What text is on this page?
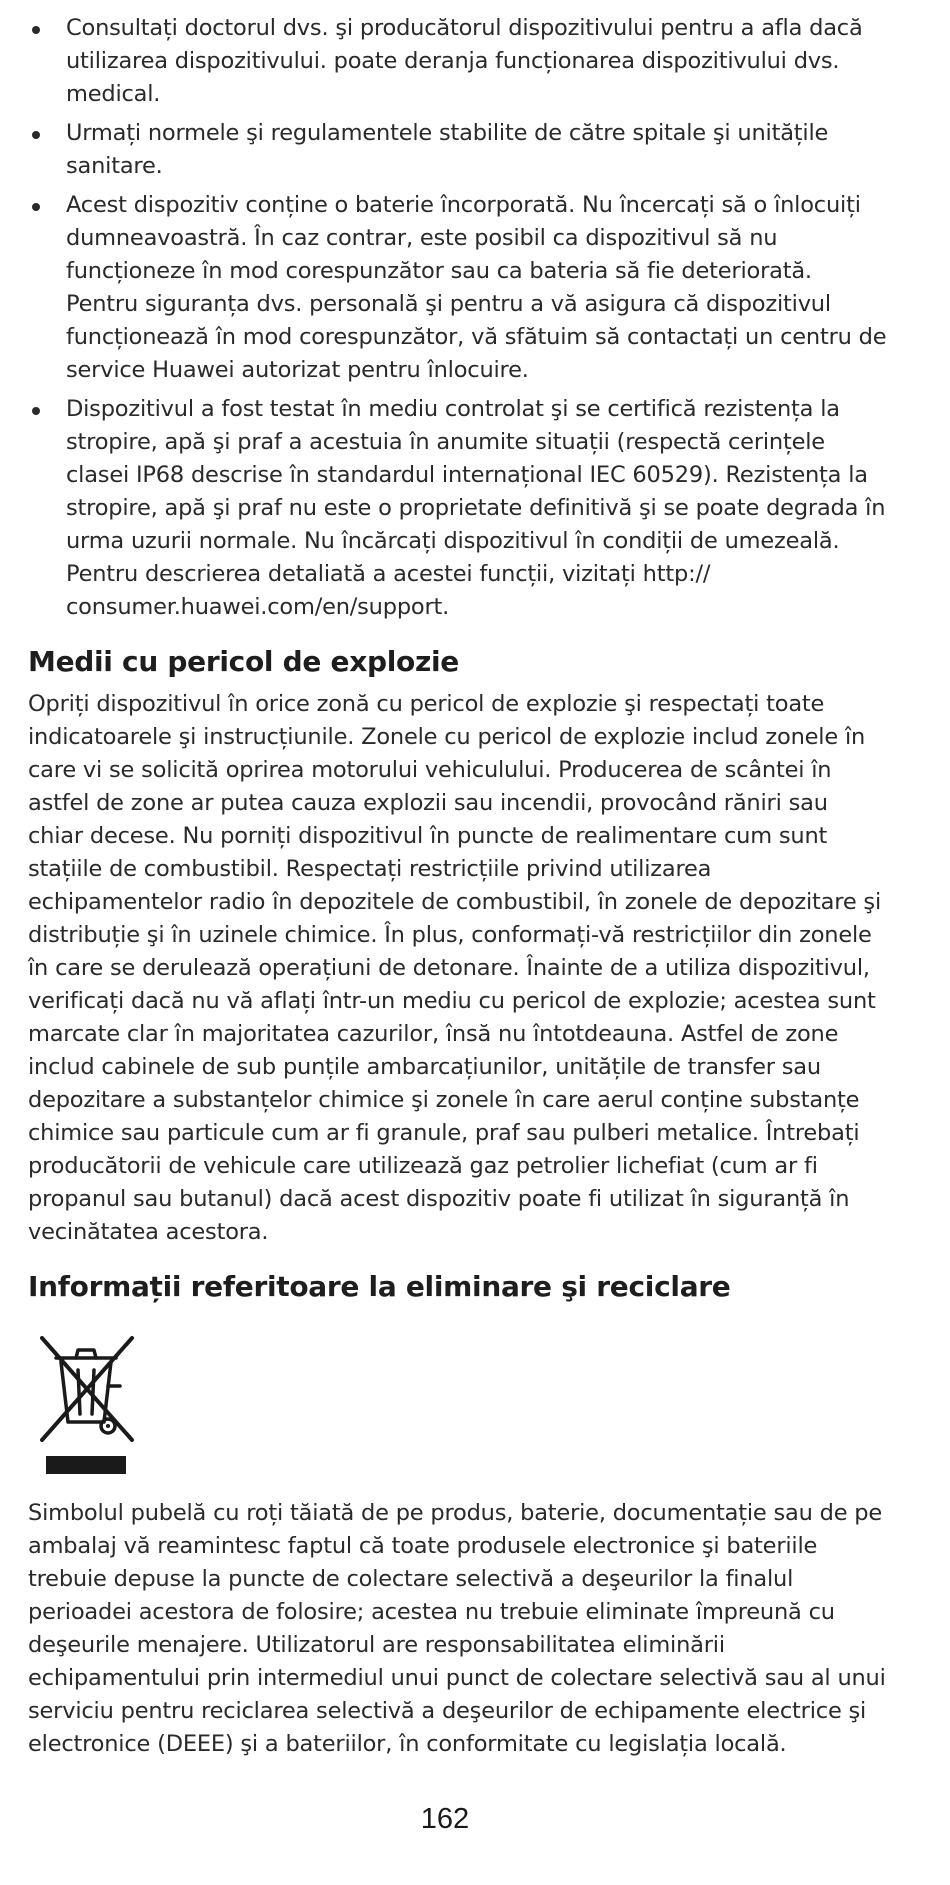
Consultați doctorul dvs. şi producătorul dispozitivului pentru a afla dacă utilizarea dispozitivului. poate deranja funcționarea dispozitivului dvs. medical.
Urmați normele şi regulamentele stabilite de către spitale şi unitățile sanitare.
Acest dispozitiv conține o baterie încorporată. Nu încercați să o înlocuiți dumneavoastră. În caz contrar, este posibil ca dispozitivul să nu funcționeze în mod corespunzător sau ca bateria să fie deteriorată. Pentru siguranța dvs. personală şi pentru a vă asigura că dispozitivul funcționează în mod corespunzător, vă sfătuim să contactați un centru de service Huawei autorizat pentru înlocuire.
Dispozitivul a fost testat în mediu controlat şi se certifică rezistența la stropire, apă şi praf a acestuia în anumite situații (respectă cerințele clasei IP68 descrise în standardul internațional IEC 60529). Rezistența la stropire, apă şi praf nu este o proprietate definitivă şi se poate degrada în urma uzurii normale. Nu încărcați dispozitivul în condiții de umezeală. Pentru descrierea detaliată a acestei funcții, vizitați http:// consumer.huawei.com/en/support.
Medii cu pericol de explozie

Opriți dispozitivul în orice zonă cu pericol de explozie şi respectați toate indicatoarele şi instrucțiunile. Zonele cu pericol de explozie includ zonele în care vi se solicită oprirea motorului vehiculului. Producerea de scântei în astfel de zone ar putea cauza explozii sau incendii, provocând răniri sau chiar decese. Nu porniți dispozitivul în puncte de realimentare cum sunt stațiile de combustibil. Respectați restricțiile privind utilizarea echipamentelor radio în depozitele de combustibil, în zonele de depozitare şi distribuție şi în uzinele chimice. În plus, conformați-vă restricțiilor din zonele în care se derulează operațiuni de detonare. Înainte de a utiliza dispozitivul, verificați dacă nu vă aflați într-un mediu cu pericol de explozie; acestea sunt marcate clar în majoritatea cazurilor, însă nu întotdeauna. Astfel de zone includ cabinele de sub punțile ambarcațiunilor, unitățile de transfer sau depozitare a substanțelor chimice şi zonele în care aerul conține substanțe chimice sau particule cum ar fi granule, praf sau pulberi metalice. Întrebați producătorii de vehicule care utilizează gaz petrolier lichefiat (cum ar fi propanul sau butanul) dacă acest dispozitiv poate fi utilizat în siguranță în vecinătatea acestora.

Informații referitoare la eliminare şi reciclare

Simbolul pubelă cu roți tăiată de pe produs, baterie, documentație sau de pe ambalaj vă reamintesc faptul că toate produsele electronice şi bateriile trebuie depuse la puncte de colectare selectivă a deşeurilor la finalul perioadei acestora de folosire; acestea nu trebuie eliminate împreună cu deşeurile menajere. Utilizatorul are responsabilitatea eliminării echipamentului prin intermediul unui punct de colectare selectivă sau al unui serviciu pentru reciclarea selectivă a deşeurilor de echipamente electrice şi electronice (DEEE) şi a bateriilor, în conformitate cu legislația locală.

162
